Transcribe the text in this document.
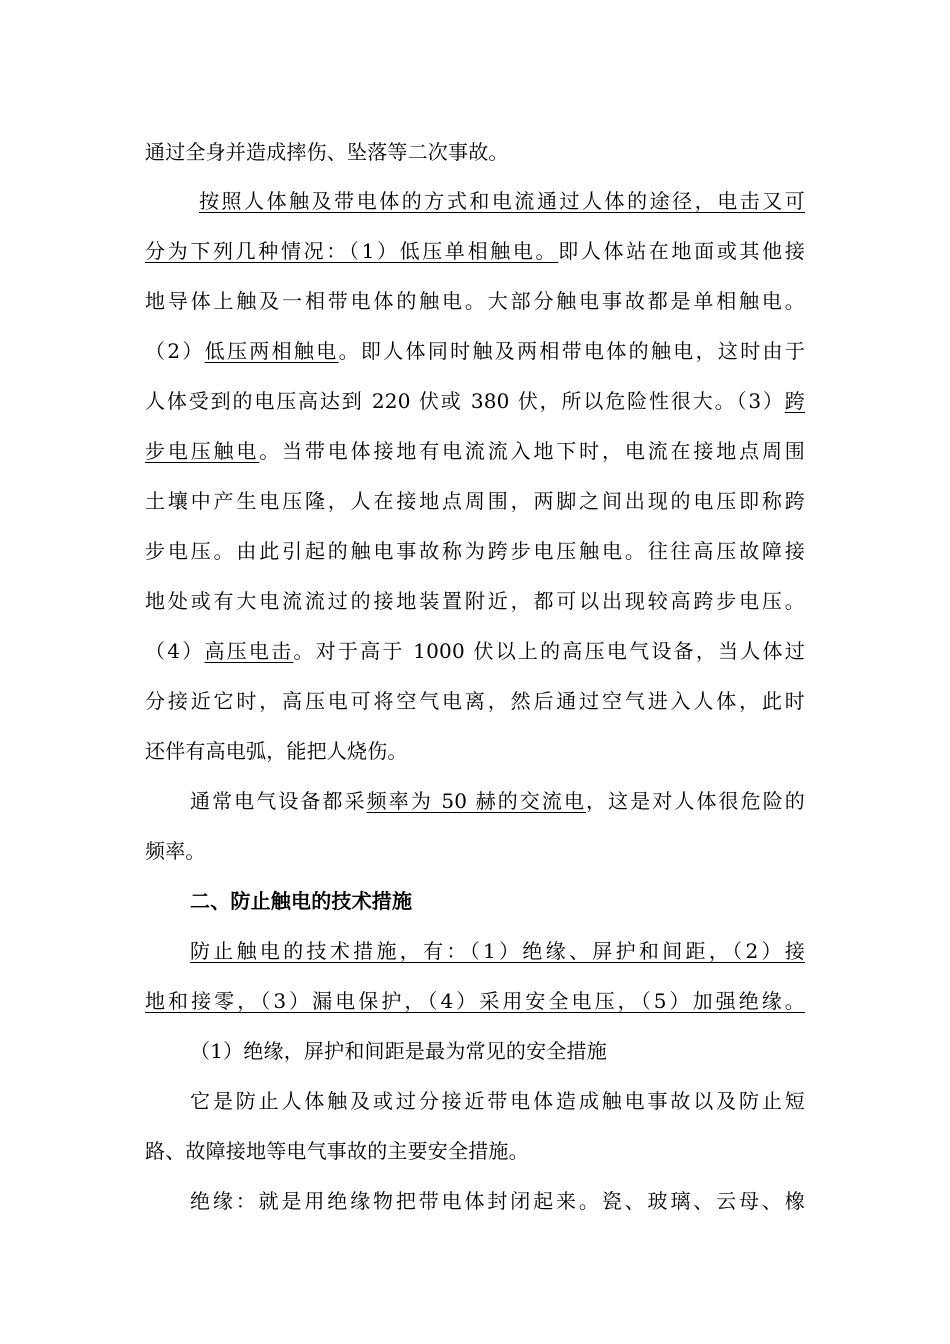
通过全身并造成摔伤、坠落等二次事故。
按照人体触及带电体的方式和电流通过人体的途径，电击又可
分为下列几种情况：（1）低压单相触电。即人体站在地面或其他接
地导体上触及一相带电体的触电。大部分触电事故都是单相触电。
（2）低压两相触电。即人体同时触及两相带电体的触电，这时由于
人体受到的电压高达到 220 伏或 380 伏，所以危险性很大。（3）跨
步电压触电。当带电体接地有电流流入地下时，电流在接地点周围
土壤中产生电压隆，人在接地点周围，两脚之间出现的电压即称跨
步电压。由此引起的触电事故称为跨步电压触电。往往高压故障接
地处或有大电流流过的接地装置附近，都可以出现较高跨步电压。
（4）高压电击。对于高于 1000 伏以上的高压电气设备，当人体过
分接近它时，高压电可将空气电离，然后通过空气进入人体，此时
还伴有高电弧，能把人烧伤。
通常电气设备都采频率为 50 赫的交流电，这是对人体很危险的
频率。
二、防止触电的技术措施
防止触电的技术措施，有：（1）绝缘、屏护和间距，（2）接
地和接零，（3）漏电保护，（4）采用安全电压，（5）加强绝缘。
（1）绝缘，屏护和间距是最为常见的安全措施
它是防止人体触及或过分接近带电体造成触电事故以及防止短
路、故障接地等电气事故的主要安全措施。
绝缘：就是用绝缘物把带电体封闭起来。瓷、玻璃、云母、橡
